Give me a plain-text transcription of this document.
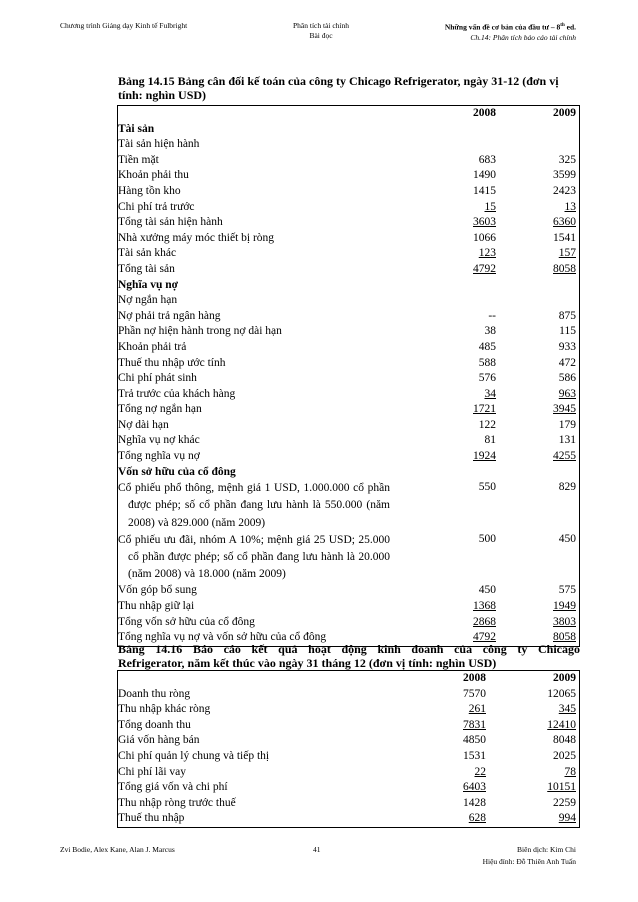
Chương trình Giảng dạy Kinh tế Fulbright	Phân tích tài chính
Bài đọc
Những vấn đề cơ bản của đầu tư – 8th ed.
Ch.14: Phân tích báo cáo tài chính
Bảng 14.15 Bảng cân đối kế toán của công ty Chicago Refrigerator, ngày 31-12 (đơn vị tính: nghìn USD)
	2008	2009
Tài sản		
Tài sản hiện hành		
Tiền mặt	683	325
Khoản phải thu	1490	3599
Hàng tồn kho	1415	2423
Chi phí trả trước	15	13
Tổng tài sản hiện hành	3603	6360
Nhà xưởng máy móc thiết bị ròng	1066	1541
Tài sản khác	123	157
Tổng tài sản	4792	8058
Nghĩa vụ nợ		
Nợ ngắn hạn		
Nợ phải trả ngân hàng	--	875
Phần nợ hiện hành trong nợ dài hạn	38	115
Khoản phải trả	485	933
Thuế thu nhập ước tính	588	472
Chi phí phát sinh	576	586
Trả trước của khách hàng	34	963
Tổng nợ ngắn hạn	1721	3945
Nợ dài hạn	122	179
Nghĩa vụ nợ khác	81	131
Tổng nghĩa vụ nợ	1924	4255
Vốn sở hữu của cổ đông		
Cổ phiếu phổ thông, mệnh giá 1 USD, 1.000.000 cổ phần được phép; số cổ phần đang lưu hành là 550.000 (năm 2008) và 829.000 (năm 2009)	550	829
Cổ phiếu ưu đãi, nhóm A 10%; mệnh giá 25 USD; 25.000 cổ phần được phép; số cổ phần đang lưu hành là 20.000 (năm 2008) và 18.000 (năm 2009)	500	450
Vốn góp bổ sung	450	575
Thu nhập giữ lại	1368	1949
Tổng vốn sở hữu của cổ đông	2868	3803
Tổng nghĩa vụ nợ và vốn sở hữu của cổ đông	4792	8058
Bảng 14.16 Báo cáo kết quả hoạt động kinh doanh của công ty Chicago
Refrigerator, năm kết thúc vào ngày 31 tháng 12 (đơn vị tính: nghìn USD)
	2008	2009
Doanh thu ròng	7570	12065
Thu nhập khác ròng	261	345
Tổng doanh thu	7831	12410
Giá vốn hàng bán	4850	8048
Chi phí quản lý chung và tiếp thị	1531	2025
Chi phí lãi vay	22	78
Tổng giá vốn và chi phí	6403	10151
Thu nhập ròng trước thuế	1428	2259
Thuế thu nhập	628	994
Zvi Bodie, Alex Kane, Alan J. Marcus	41	Biên dịch: Kim Chi
Hiệu đính: Đỗ Thiên Anh Tuấn
